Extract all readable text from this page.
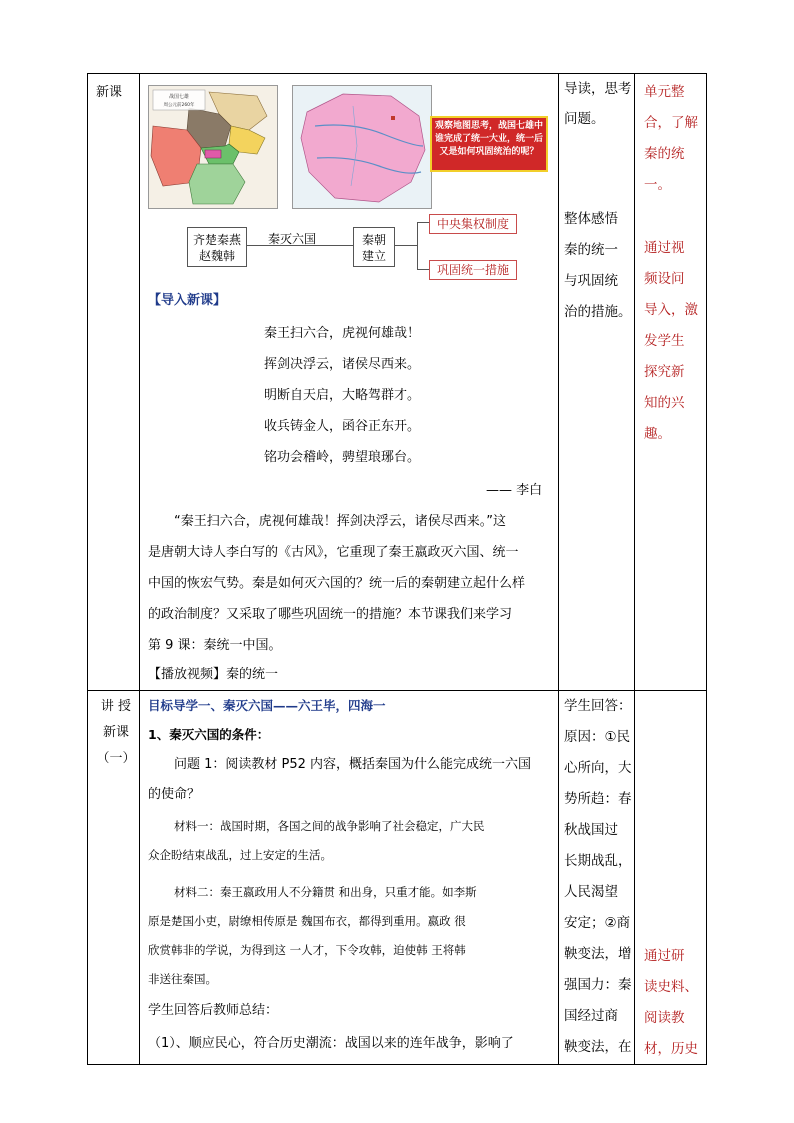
新课	战国七雄
周公元前260年
观察地图思考，战国七雄中谁完成了统一大业，统一后又是如何巩固统治的呢？
齐楚秦燕
赵魏韩
秦灭六国	秦朝
建立
中央集权制度
巩固统一措施
【导入新课】
秦王扫六合，虎视何雄哉！
挥剑决浮云，诸侯尽西来。
明断自天启，大略驾群才。
收兵铸金人，函谷正东开。
铭功会稽岭，骋望琅琊台。
—— 李白
“秦王扫六合，虎视何雄哉！挥剑决浮云，诸侯尽西来。”这
是唐朝大诗人李白写的《古风》，它重现了秦王嬴政灭六国、统一
中国的恢宏气势。秦是如何灭六国的？统一后的秦朝建立起什么样
的政治制度？又采取了哪些巩固统一的措施？本节课我们来学习
第 9 课：秦统一中国。
【播放视频】秦的统一
导读，思考
问题。
整体感悟
秦的统一
与巩固统
治的措施。
单元整
合，了解
秦的统
一。
通过视
频设问
导入，激
发学生
探究新
知的兴
趣。
讲 授
新课
（一）
目标导学一、秦灭六国——六王毕，四海一
1、秦灭六国的条件：
问题 1：阅读教材 P52 内容，概括秦国为什么能完成统一六国
的使命？
材料一：战国时期，各国之间的战争影响了社会稳定，广大民
众企盼结束战乱，过上安定的生活。
材料二：秦王嬴政用人不分籍贯 和出身，只重才能。如李斯
原是楚国小吏，尉缭相传原是 魏国布衣，都得到重用。嬴政 很
欣赏韩非的学说，为得到这 一人才，下令攻韩，迫使韩 王将韩
非送往秦国。
学生回答后教师总结：
（1）、顺应民心，符合历史潮流：战国以来的连年战争，影响了
学生回答：
原因：①民
心所向，大
势所趋：春
秋战国过
长期战乱，
人民渴望
安定；②商
鞅变法，增
强国力：秦
国经过商
鞅变法，在
通过研
读史料、
阅读教
材，历史
